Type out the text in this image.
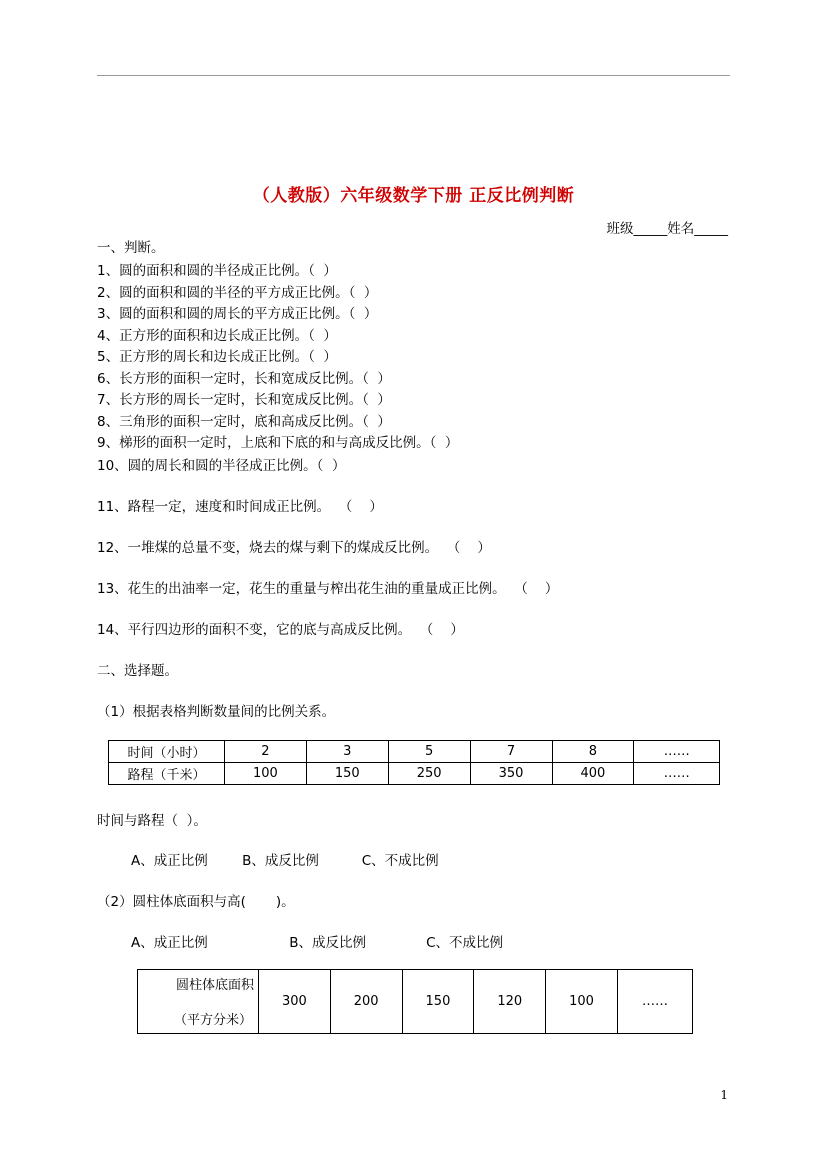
（人教版）六年级数学下册 正反比例判断
班级_____姓名_____
一、判断。
1、圆的面积和圆的半径成正比例。（  ）
2、圆的面积和圆的半径的平方成正比例。（  ）
3、圆的面积和圆的周长的平方成正比例。（  ）
4、正方形的面积和边长成正比例。（  ）
5、正方形的周长和边长成正比例。（  ）
6、长方形的面积一定时，长和宽成反比例。（  ）
7、长方形的周长一定时，长和宽成反比例。（  ）
8、三角形的面积一定时，底和高成反比例。（  ）
9、梯形的面积一定时，上底和下底的和与高成反比例。（  ）
10、圆的周长和圆的半径成正比例。（  ）
11、路程一定，速度和时间成正比例。  （    ）
12、一堆煤的总量不变，烧去的煤与剩下的煤成反比例。  （    ）
13、花生的出油率一定，花生的重量与榨出花生油的重量成正比例。  （    ）
14、平行四边形的面积不变，它的底与高成反比例。  （    ）
二、选择题。
（1）根据表格判断数量间的比例关系。
时间（小时）	2	3	5	7	8	……
路程（千米）	100	150	250	350	400	……
时间与路程（  ）。
A、成正比例        B、成反比例          C、不成比例
（2）圆柱体底面积与高(       )。
A、成正比例                   B、成反比例              C、不成比例
圆柱体底面积
（平方分米）
	300	200	150	120	100	……
1
